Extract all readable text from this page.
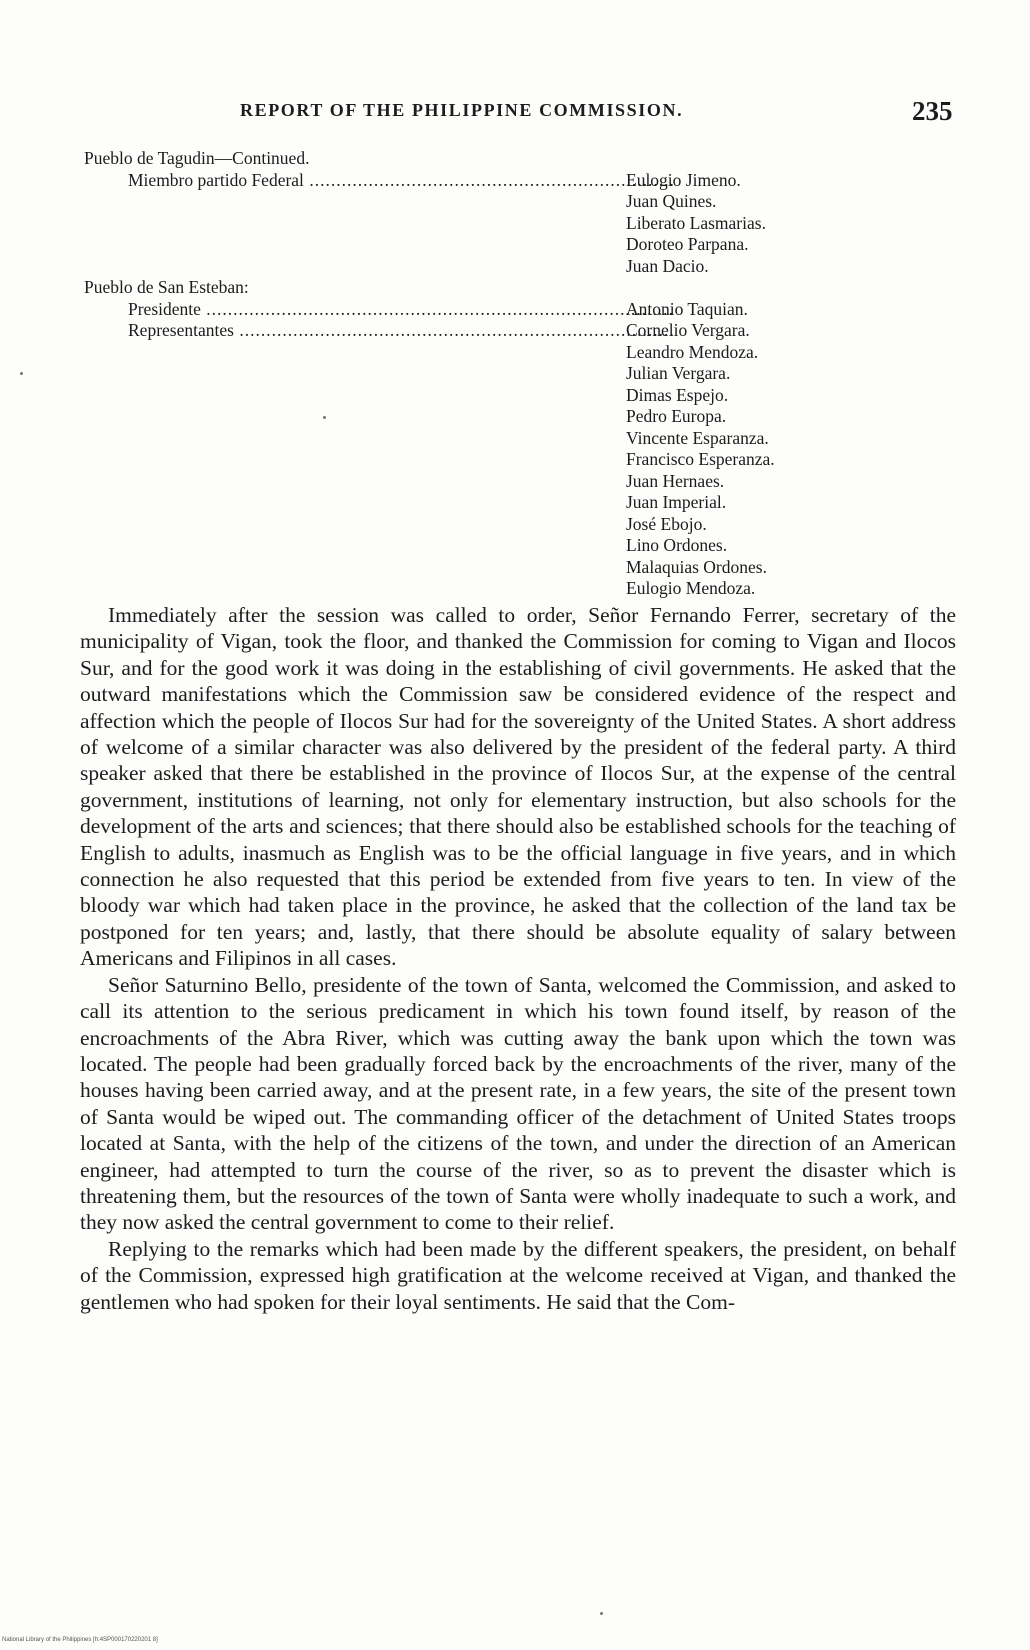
REPORT OF THE PHILIPPINE COMMISSION.	235
Pueblo de Tagudin—Continued.
Miembro partido Federal .....	Eulogio Jimeno.
Juan Quines.
Liberato Lasmarias.
Doroteo Parpana.
Juan Dacio.
Pueblo de San Esteban:
Presidente .....	Antonio Taquian.
Representantes .....	Cornelio Vergara.
Leandro Mendoza.
Julian Vergara.
Dimas Espejo.
Pedro Europa.
Vincente Esparanza.
Francisco Esperanza.
Juan Hernaes.
Juan Imperial.
José Ebojo.
Lino Ordones.
Malaquias Ordones.
Eulogio Mendoza.

Immediately after the session was called to order, Señor Fernando Ferrer, secretary of the municipality of Vigan, took the floor, and thanked the Commission for coming to Vigan and Ilocos Sur, and for the good work it was doing in the establishing of civil governments. He asked that the outward manifestations which the Commission saw be considered evidence of the respect and affection which the people of Ilocos Sur had for the sovereignty of the United States. A short address of welcome of a similar character was also delivered by the president of the federal party. A third speaker asked that there be established in the province of Ilocos Sur, at the expense of the central government, institutions of learning, not only for elementary instruction, but also schools for the development of the arts and sciences; that there should also be established schools for the teaching of English to adults, inasmuch as English was to be the official language in five years, and in which connection he also requested that this period be extended from five years to ten. In view of the bloody war which had taken place in the province, he asked that the collection of the land tax be postponed for ten years; and, lastly, that there should be absolute equality of salary between Americans and Filipinos in all cases.

Señor Saturnino Bello, presidente of the town of Santa, welcomed the Commission, and asked to call its attention to the serious predicament in which his town found itself, by reason of the encroachments of the Abra River, which was cutting away the bank upon which the town was located. The people had been gradually forced back by the encroachments of the river, many of the houses having been carried away, and at the present rate, in a few years, the site of the present town of Santa would be wiped out. The commanding officer of the detachment of United States troops located at Santa, with the help of the citizens of the town, and under the direction of an American engineer, had attempted to turn the course of the river, so as to prevent the disaster which is threatening them, but the resources of the town of Santa were wholly inadequate to such a work, and they now asked the central government to come to their relief.

Replying to the remarks which had been made by the different speakers, the president, on behalf of the Commission, expressed high gratification at the welcome received at Vigan, and thanked the gentlemen who had spoken for their loyal sentiments. He said that the Com-

National Library of the Philippines [h:4SP000170220201 8]
